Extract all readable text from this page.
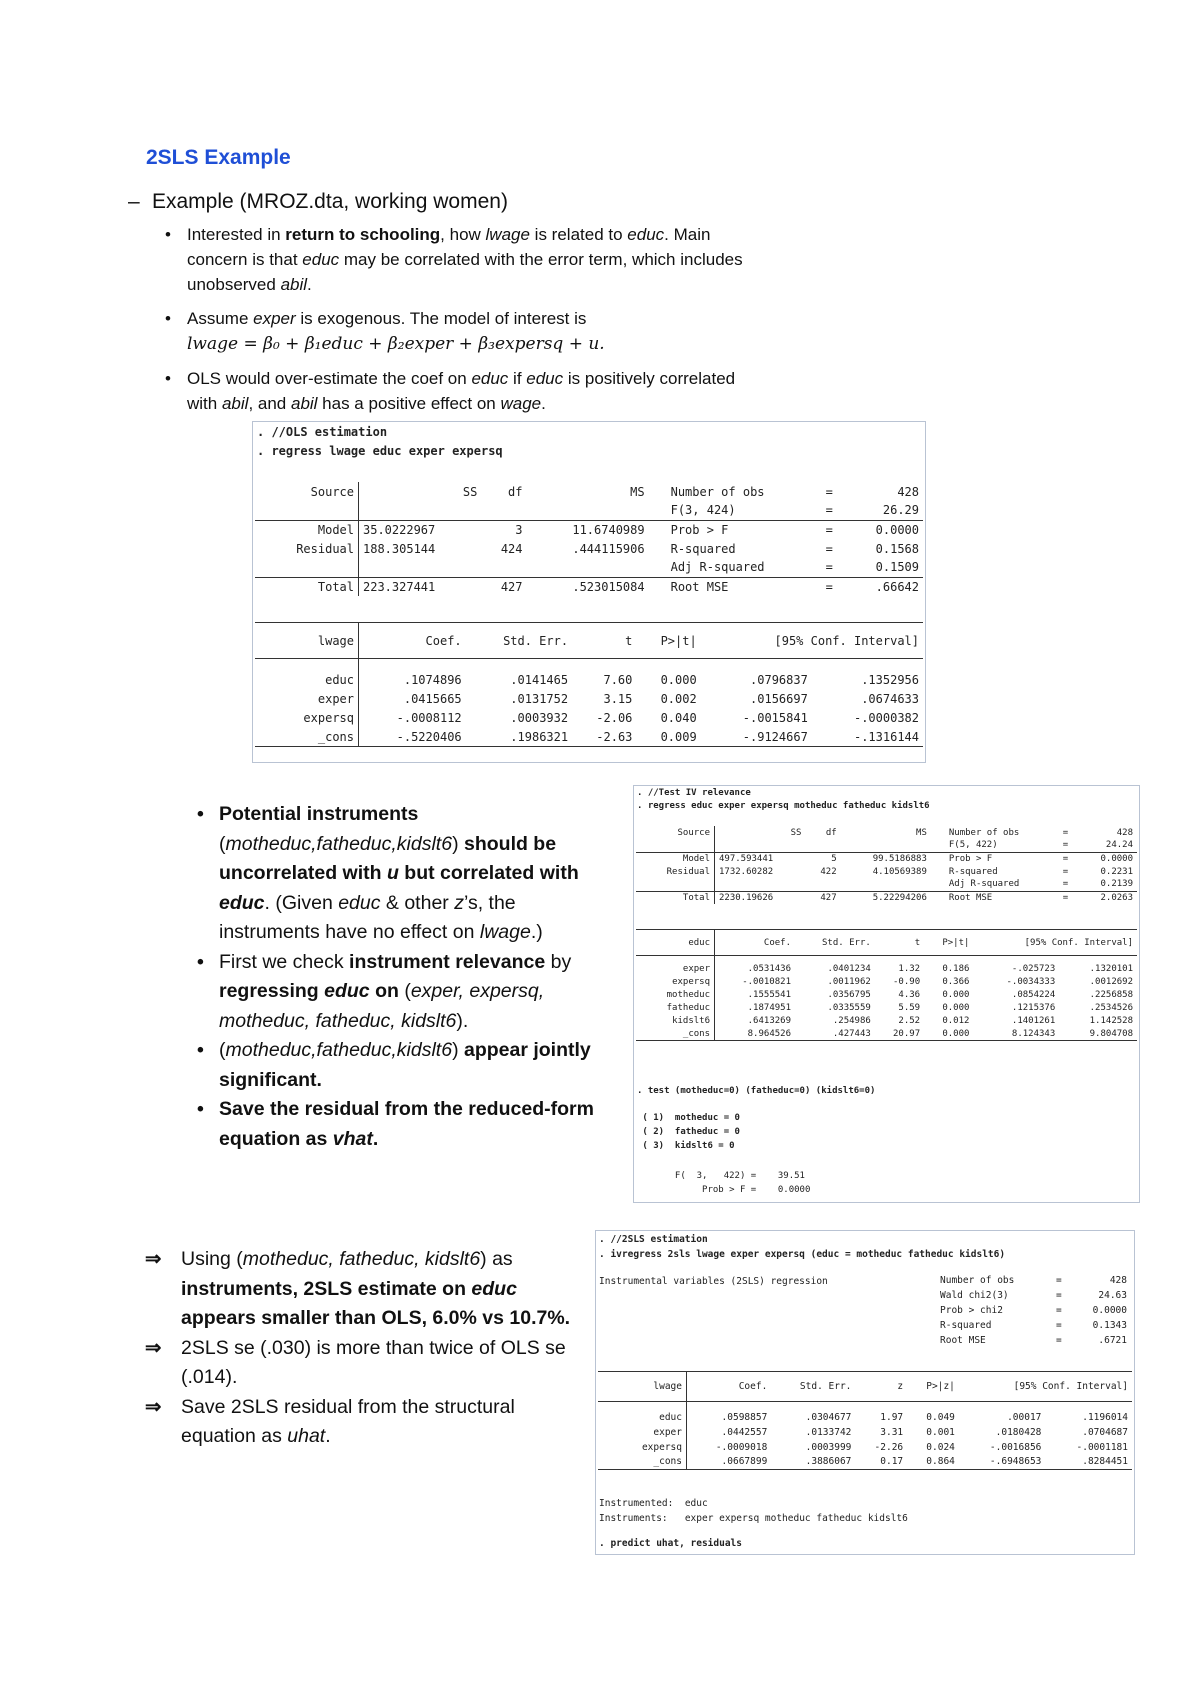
2SLS Example
– Example (MROZ.dta, working women)
• Interested in return to schooling, how lwage is related to educ. Main concern is that educ may be correlated with the error term, which includes unobserved abil.
• Assume exper is exogenous. The model of interest is
lwage = β₀ + β₁educ + β₂exper + β₃expersq + u.
• OLS would over-estimate the coef on educ if educ is positively correlated with abil, and abil has a positive effect on wage.
. //OLS estimation
. regress lwage educ exper expersq
Source	SS	df	MS		Number of obs	=	428
					F(3, 424)	=	26.29
Model	35.0222967	3	11.6740989		Prob > F	=	0.0000
Residual	188.305144	424	.444115906		R-squared	=	0.1568
					Adj R-squared	=	0.1509
Total	223.327441	427	.523015084		Root MSE	=	.66642
lwage	Coef.	Std. Err.	t	P>|t|	[95% Conf. Interval]	

educ	.1074896	.0141465	7.60	0.000	.0796837	.1352956
exper	.0415665	.0131752	3.15	0.002	.0156697	.0674633
expersq	-.0008112	.0003932	-2.06	0.040	-.0015841	-.0000382
_cons	-.5220406	.1986321	-2.63	0.009	-.9124667	-.1316144
• Potential instruments (motheduc,fatheduc,kidslt6) should be uncorrelated with u but correlated with educ. (Given educ & other z’s, the instruments have no effect on lwage.)
• First we check instrument relevance by regressing educ on (exper, expersq, motheduc, fatheduc, kidslt6).
• (motheduc,fatheduc,kidslt6) appear jointly significant.
• Save the residual from the reduced-form equation as vhat.
. //Test IV relevance
. regress educ exper expersq motheduc fatheduc kidslt6
Source	SS	df	MS		Number of obs	=	428
					F(5, 422)	=	24.24
Model	497.593441	5	99.5186883		Prob > F	=	0.0000
Residual	1732.60282	422	4.10569389		R-squared	=	0.2231
					Adj R-squared	=	0.2139
Total	2230.19626	427	5.22294206		Root MSE	=	2.0263
educ	Coef.	Std. Err.	t	P>|t|	[95% Conf. Interval]	

exper	.0531436	.0401234	1.32	0.186	-.025723	.1320101
expersq	-.0010821	.0011962	-0.90	0.366	-.0034333	.0012692
motheduc	.1555541	.0356795	4.36	0.000	.0854224	.2256858
fatheduc	.1874951	.0335559	5.59	0.000	.1215376	.2534526
kidslt6	.6413269	.254986	2.52	0.012	.1401261	1.142528
_cons	8.964526	.427443	20.97	0.000	8.124343	9.804708
. test (motheduc=0) (fatheduc=0) (kidslt6=0)
( 1)  motheduc = 0
( 2)  fatheduc = 0
( 3)  kidslt6 = 0
F(  3,   422) =    39.51
Prob > F =    0.0000
⇒ Using (motheduc, fatheduc, kidslt6) as instruments, 2SLS estimate on educ appears smaller than OLS, 6.0% vs 10.7%.
⇒ 2SLS se (.030) is more than twice of OLS se (.014).
⇒ Save 2SLS residual from the structural equation as uhat.
. //2SLS estimation
. ivregress 2sls lwage exper expersq (educ = motheduc fatheduc kidslt6)
Instrumental variables (2SLS) regression	Number of obs	=	428
Wald chi2(3)	=	24.63
Prob > chi2	=	0.0000
R-squared	=	0.1343
Root MSE	=	.6721
lwage	Coef.	Std. Err.	z	P>|z|	[95% Conf. Interval]	

educ	.0598857	.0304677	1.97	0.049	.00017	.1196014
exper	.0442557	.0133742	3.31	0.001	.0180428	.0704687
expersq	-.0009018	.0003999	-2.26	0.024	-.0016856	-.0001181
_cons	.0667899	.3886067	0.17	0.864	-.6948653	.8284451
Instrumented: educ
Instruments: exper expersq motheduc fatheduc kidslt6
. predict uhat, residuals
